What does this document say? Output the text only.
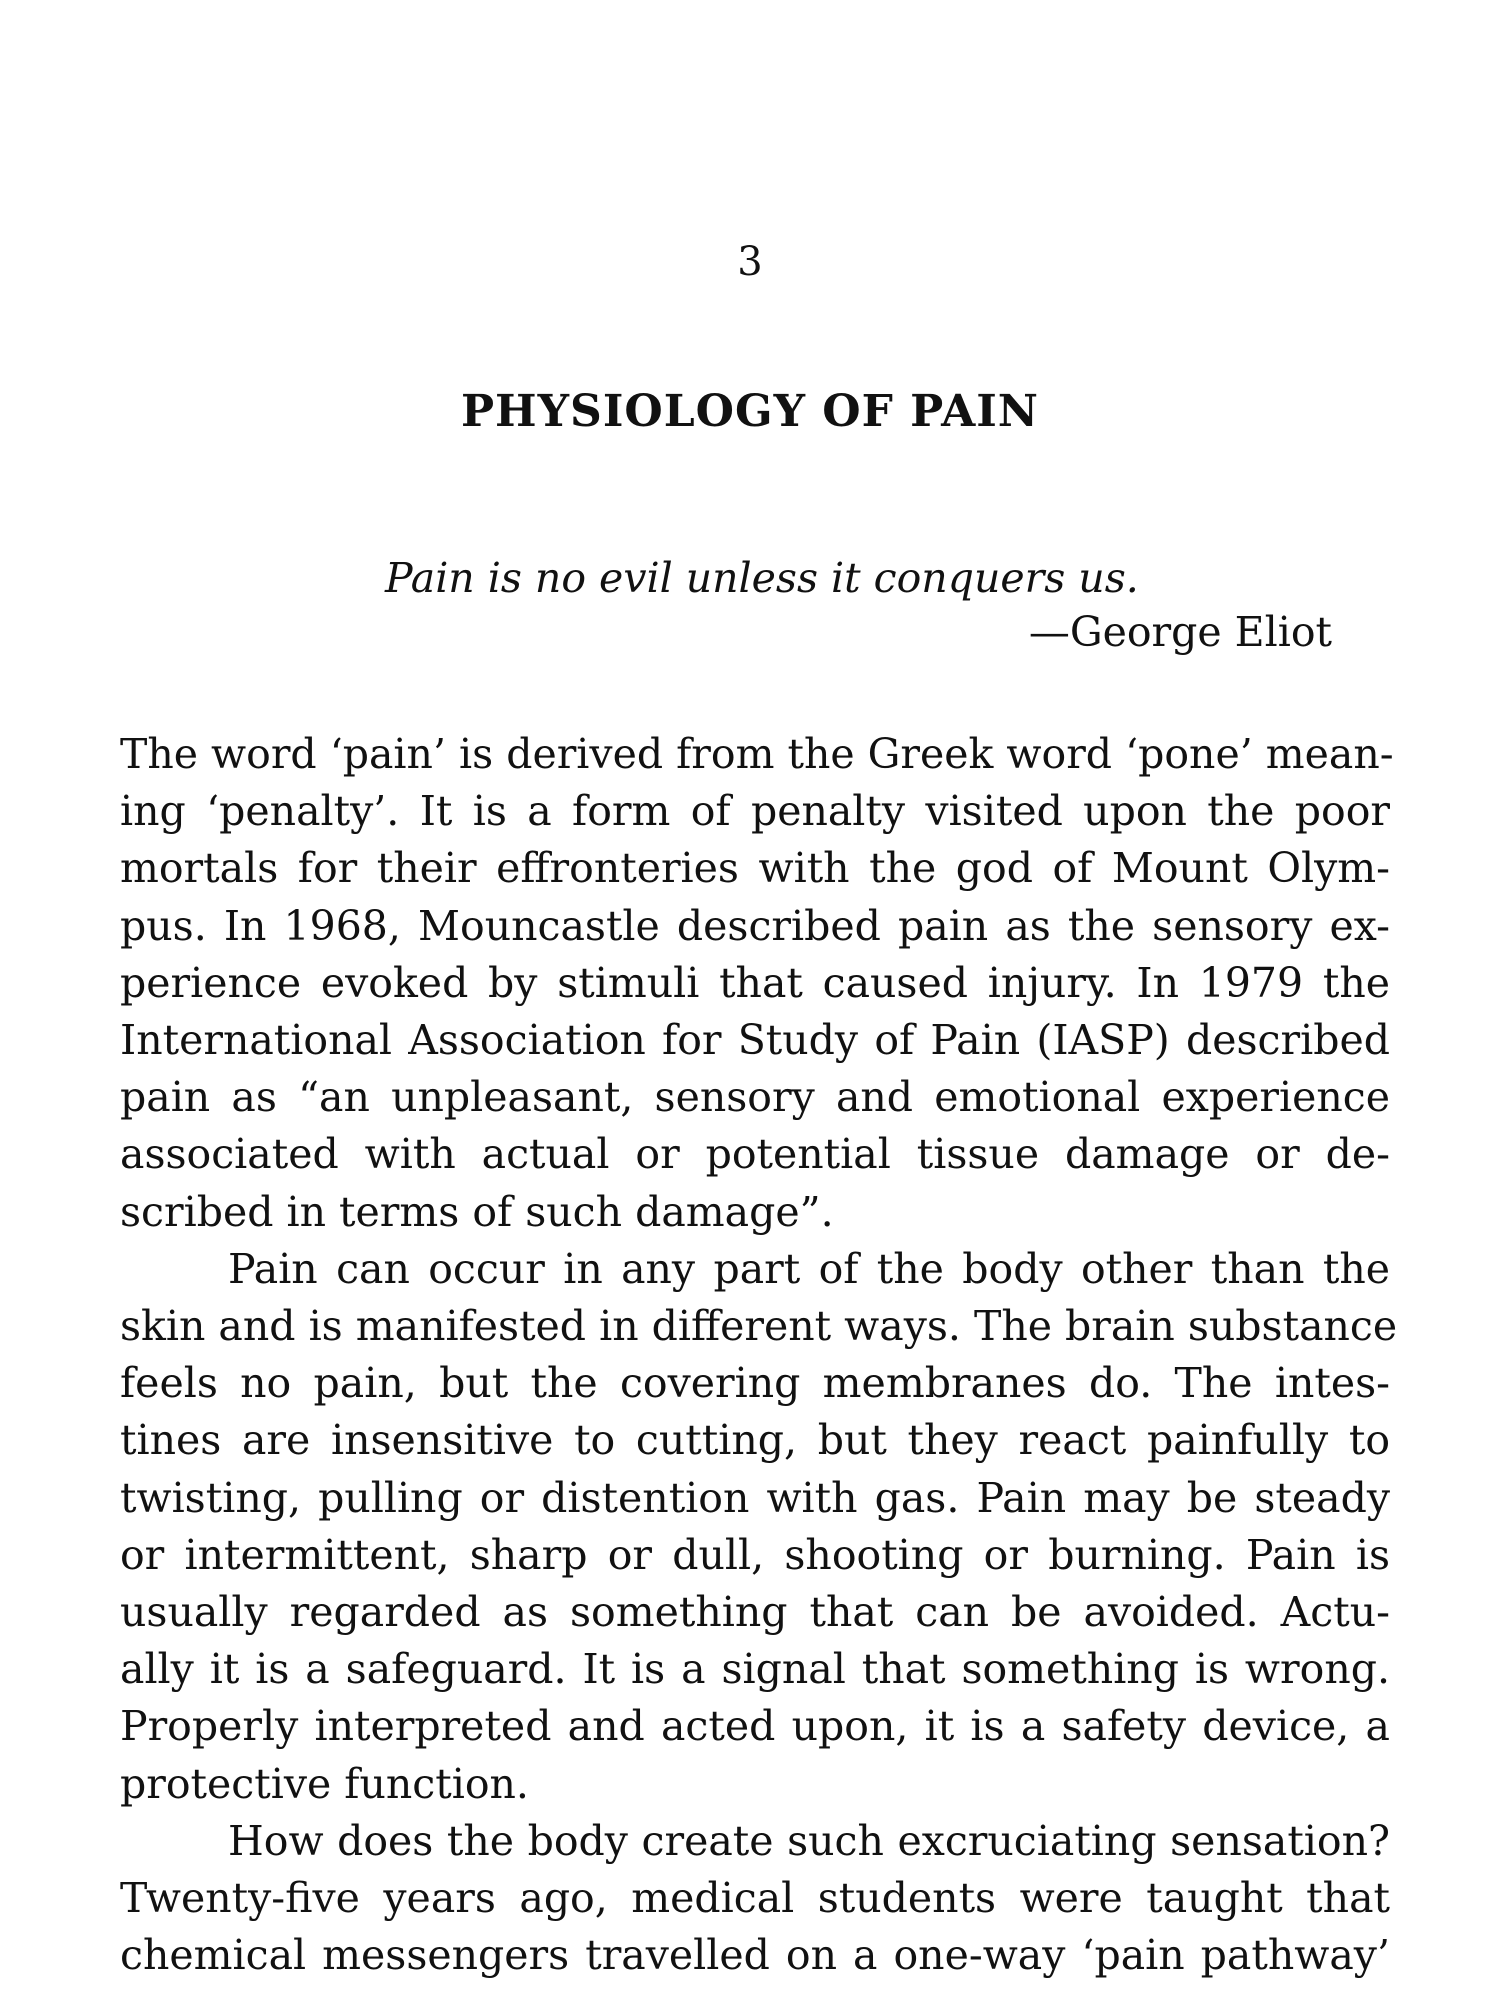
3
PHYSIOLOGY OF PAIN
Pain is no evil unless it conquers us.
—George Eliot
The word ‘pain’ is derived from the Greek word ‘pone’ mean-
ing ‘penalty’. It is a form of penalty visited upon the poor
mortals for their effronteries with the god of Mount Olym-
pus. In 1968, Mouncastle described pain as the sensory ex-
perience evoked by stimuli that caused injury. In 1979 the
International Association for Study of Pain (IASP) described
pain as “an unpleasant, sensory and emotional experience
associated with actual or potential tissue damage or de-
scribed in terms of such damage”.
Pain can occur in any part of the body other than the
skin and is manifested in different ways. The brain substance
feels no pain, but the covering membranes do. The intes-
tines are insensitive to cutting, but they react painfully to
twisting, pulling or distention with gas. Pain may be steady
or intermittent, sharp or dull, shooting or burning. Pain is
usually regarded as something that can be avoided. Actu-
ally it is a safeguard. It is a signal that something is wrong.
Properly interpreted and acted upon, it is a safety device, a
protective function.
How does the body create such excruciating sensation?
Twenty-five years ago, medical students were taught that
chemical messengers travelled on a one-way ‘pain pathway’
